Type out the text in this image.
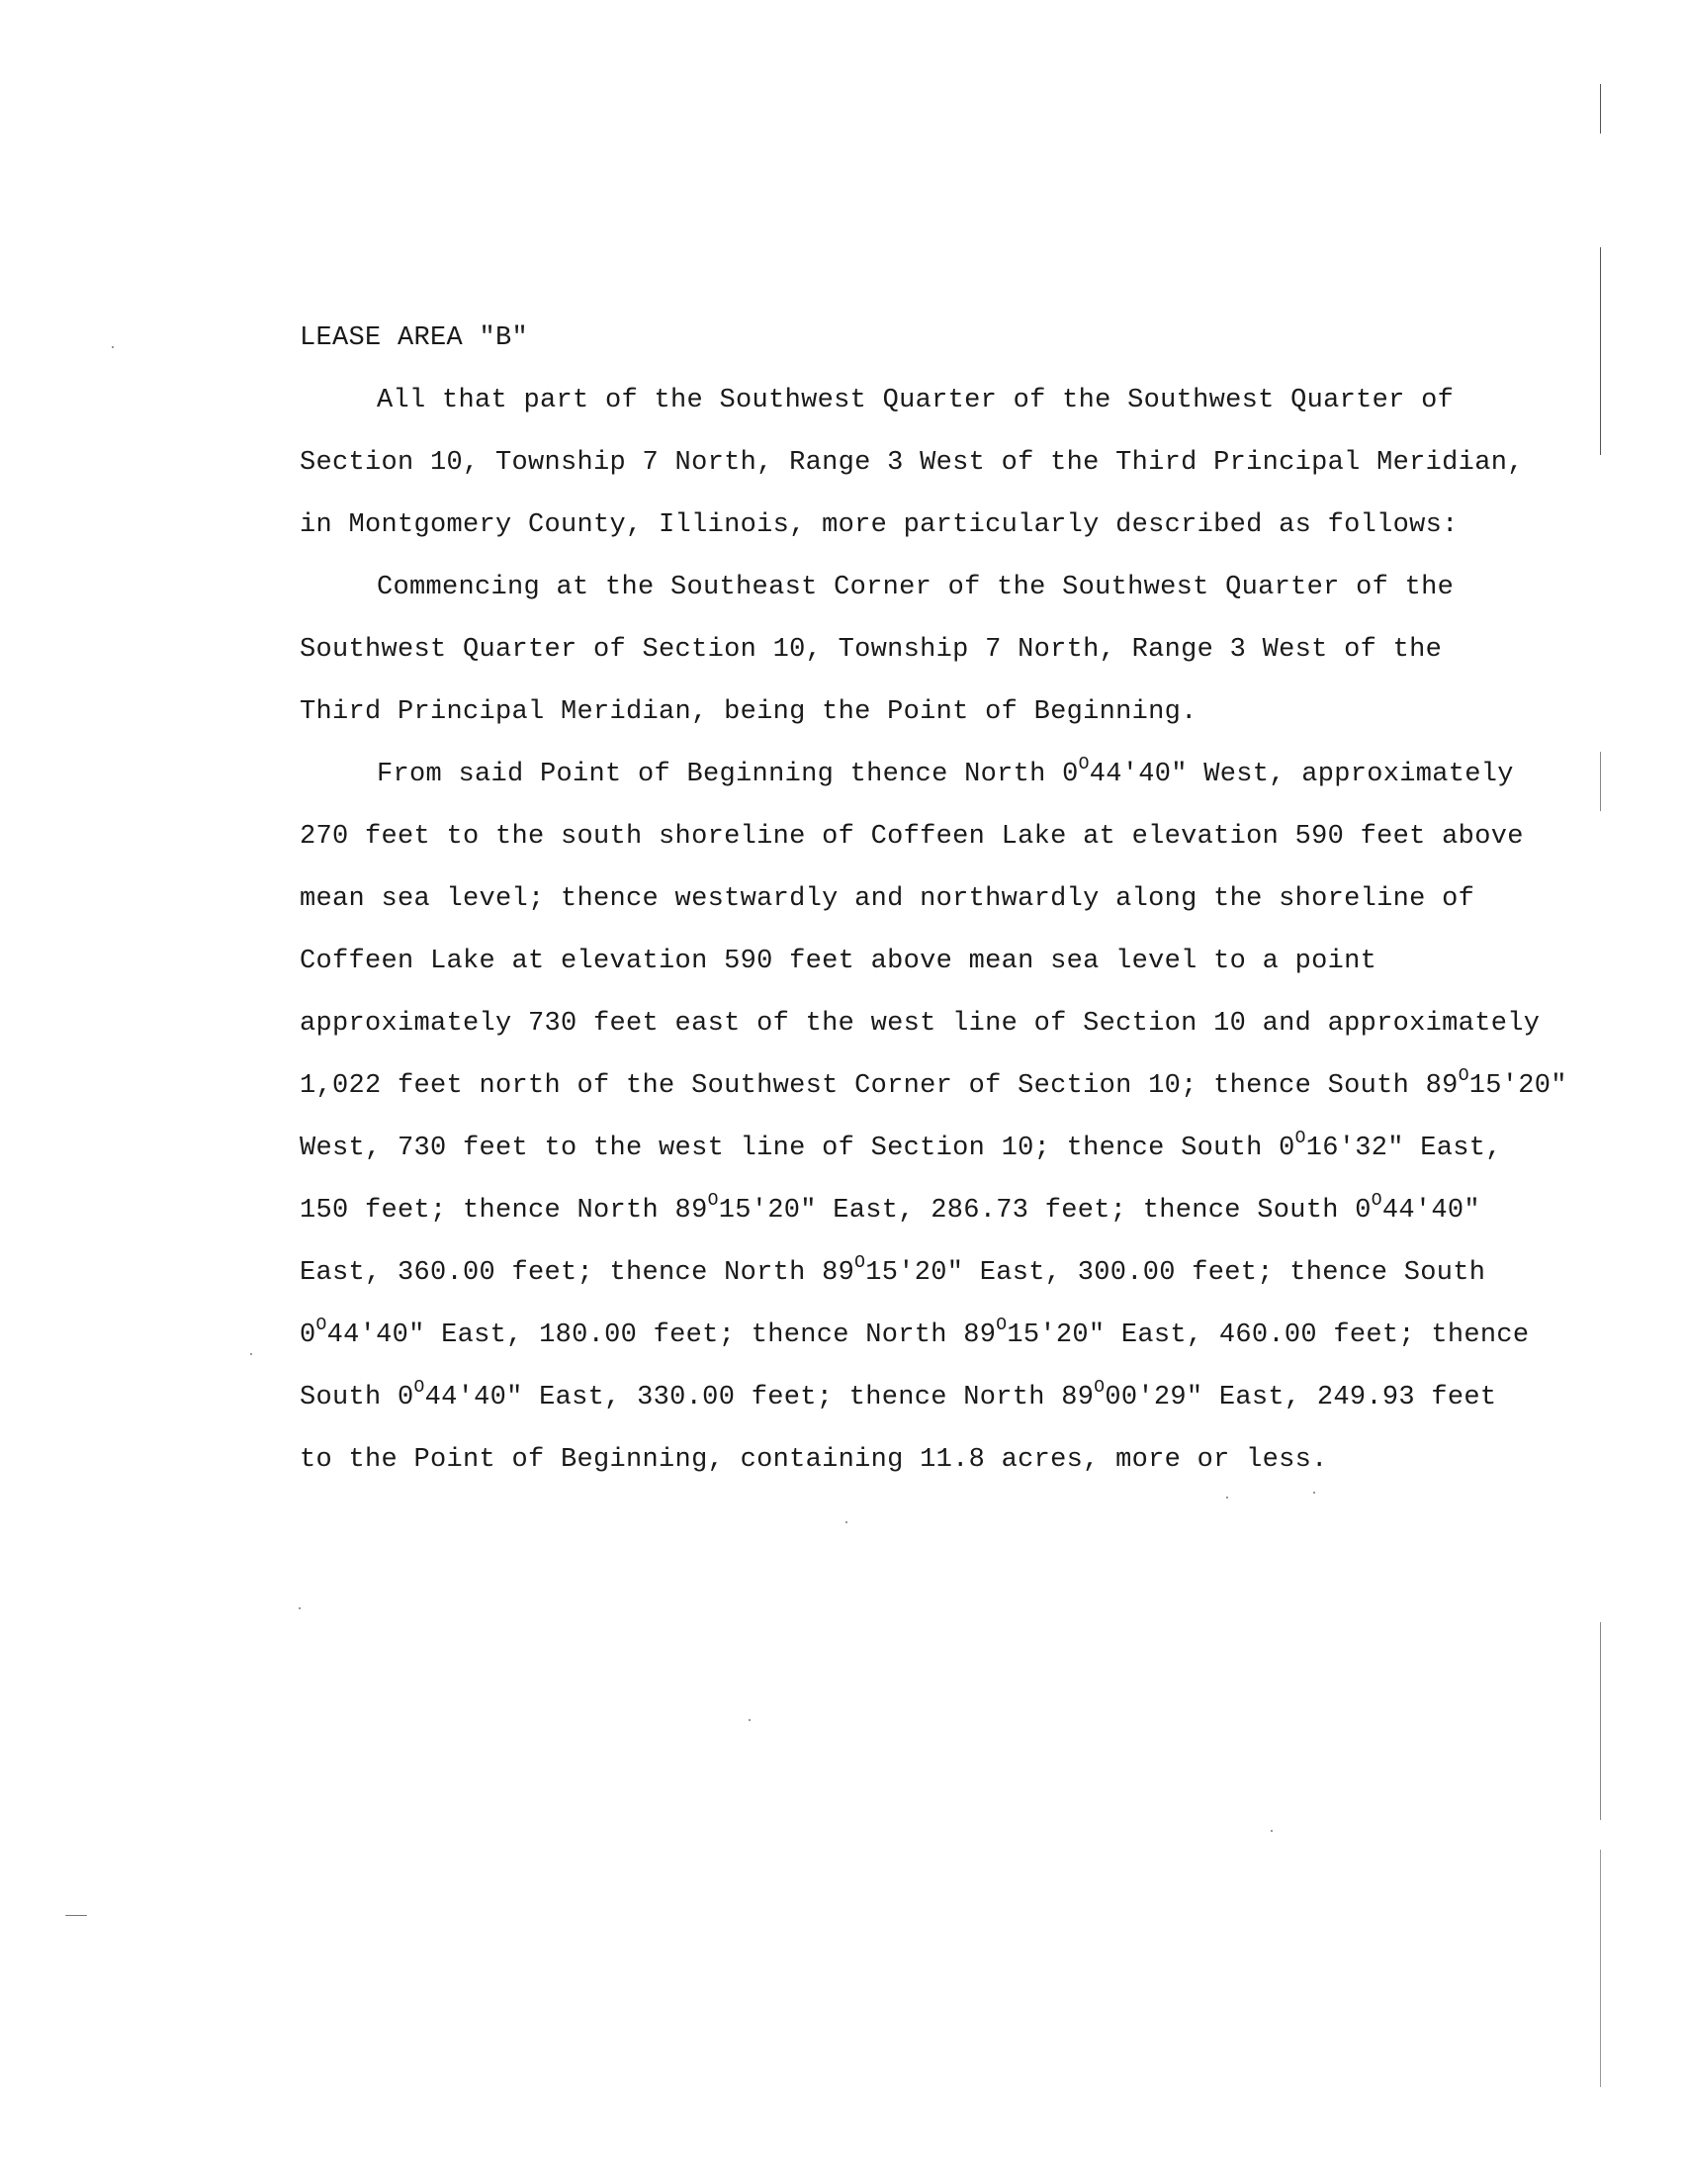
LEASE AREA "B"
All that part of the Southwest Quarter of the Southwest Quarter of
Section 10, Township 7 North, Range 3 West of the Third Principal Meridian,
in Montgomery County, Illinois, more particularly described as follows:
Commencing at the Southeast Corner of the Southwest Quarter of the
Southwest Quarter of Section 10, Township 7 North, Range 3 West of the
Third Principal Meridian, being the Point of Beginning.
From said Point of Beginning thence North $0^O44'40$" West, approximately
270 feet to the south shoreline of Coffeen Lake at elevation 590 feet above
mean sea level; thence westwardly and northwardly along the shoreline of
Coffeen Lake at elevation 590 feet above mean sea level to a point
approximately 730 feet east of the west line of Section 10 and approximately
1,022 feet north of the Southwest Corner of Section 10; thence South $89^O15'20$"
West, 730 feet to the west line of Section 10; thence South $0^O16'32$" East,
150 feet; thence North $89^O15'20$" East, 286.73 feet; thence South $0^O44'40$"
East, 360.00 feet; thence North $89^O15'20$" East, 300.00 feet; thence South
$0^O44'40$" East, 180.00 feet; thence North $89^O15'20$" East, 460.00 feet; thence
South $0^O44'40$" East, 330.00 feet; thence North $89^O00'29$" East, 249.93 feet
to the Point of Beginning, containing 11.8 acres, more or less.
